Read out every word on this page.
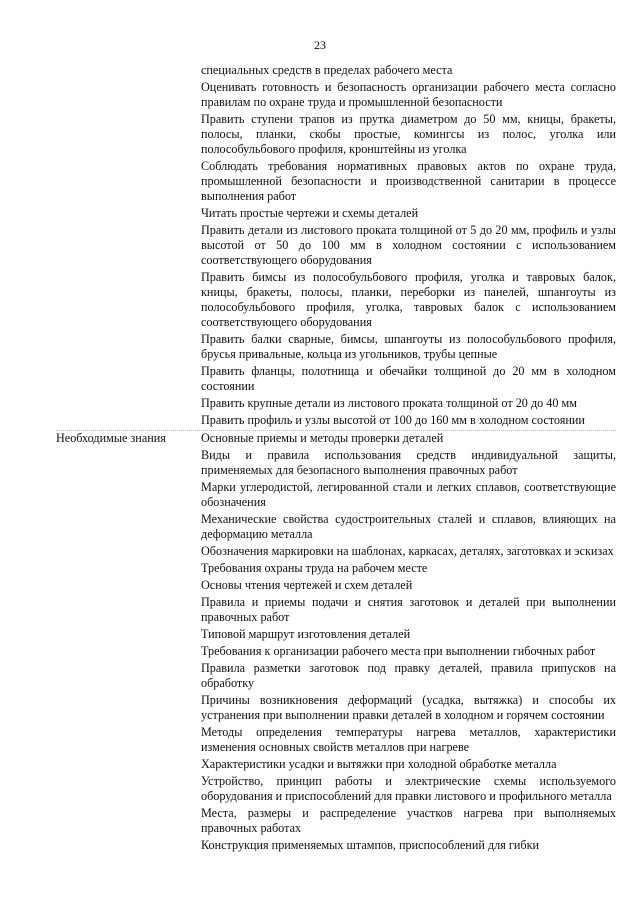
23
специальных средств в пределах рабочего места
Оценивать готовность и безопасность организации рабочего места согласно правилам по охране труда и промышленной безопасности
Править ступени трапов из прутка диаметром до 50 мм, кницы, бракеты, полосы, планки, скобы простые, комингсы из полос, уголка или полособульбового профиля, кронштейны из уголка
Соблюдать требования нормативных правовых актов по охране труда, промышленной безопасности и производственной санитарии в процессе выполнения работ
Читать простые чертежи и схемы деталей
Править детали из листового проката толщиной от 5 до 20 мм, профиль и узлы высотой от 50 до 100 мм в холодном состоянии с использованием соответствующего оборудования
Править бимсы из полособульбового профиля, уголка и тавровых балок, кницы, бракеты, полосы, планки, переборки из панелей, шпангоуты из полособульбового профиля, уголка, тавровых балок с использованием соответствующего оборудования
Править балки сварные, бимсы, шпангоуты из полособульбового профиля, брусья привальные, кольца из угольников, трубы цепные
Править фланцы, полотнища и обечайки толщиной до 20 мм в холодном состоянии
Править крупные детали из листового проката толщиной от 20 до 40 мм
Править профиль и узлы высотой от 100 до 160 мм в холодном состоянии
Необходимые знания	Основные приемы и методы проверки деталей
Виды и правила использования средств индивидуальной защиты, применяемых для безопасного выполнения правочных работ
Марки углеродистой, легированной стали и легких сплавов, соответствующие обозначения
Механические свойства судостроительных сталей и сплавов, влияющих на деформацию металла
Обозначения маркировки на шаблонах, каркасах, деталях, заготовках и эскизах
Требования охраны труда на рабочем месте
Основы чтения чертежей и схем деталей
Правила и приемы подачи и снятия заготовок и деталей при выполнении правочных работ
Типовой маршрут изготовления деталей
Требования к организации рабочего места при выполнении гибочных работ
Правила разметки заготовок под правку деталей, правила припусков на обработку
Причины возникновения деформаций (усадка, вытяжка) и способы их устранения при выполнении правки деталей в холодном и горячем состоянии
Методы определения температуры нагрева металлов, характеристики изменения основных свойств металлов при нагреве
Характеристики усадки и вытяжки при холодной обработке металла
Устройство, принцип работы и электрические схемы используемого оборудования и приспособлений для правки листового и профильного металла
Места, размеры и распределение участков нагрева при выполняемых правочных работах
Конструкция применяемых штампов, приспособлений для гибки
